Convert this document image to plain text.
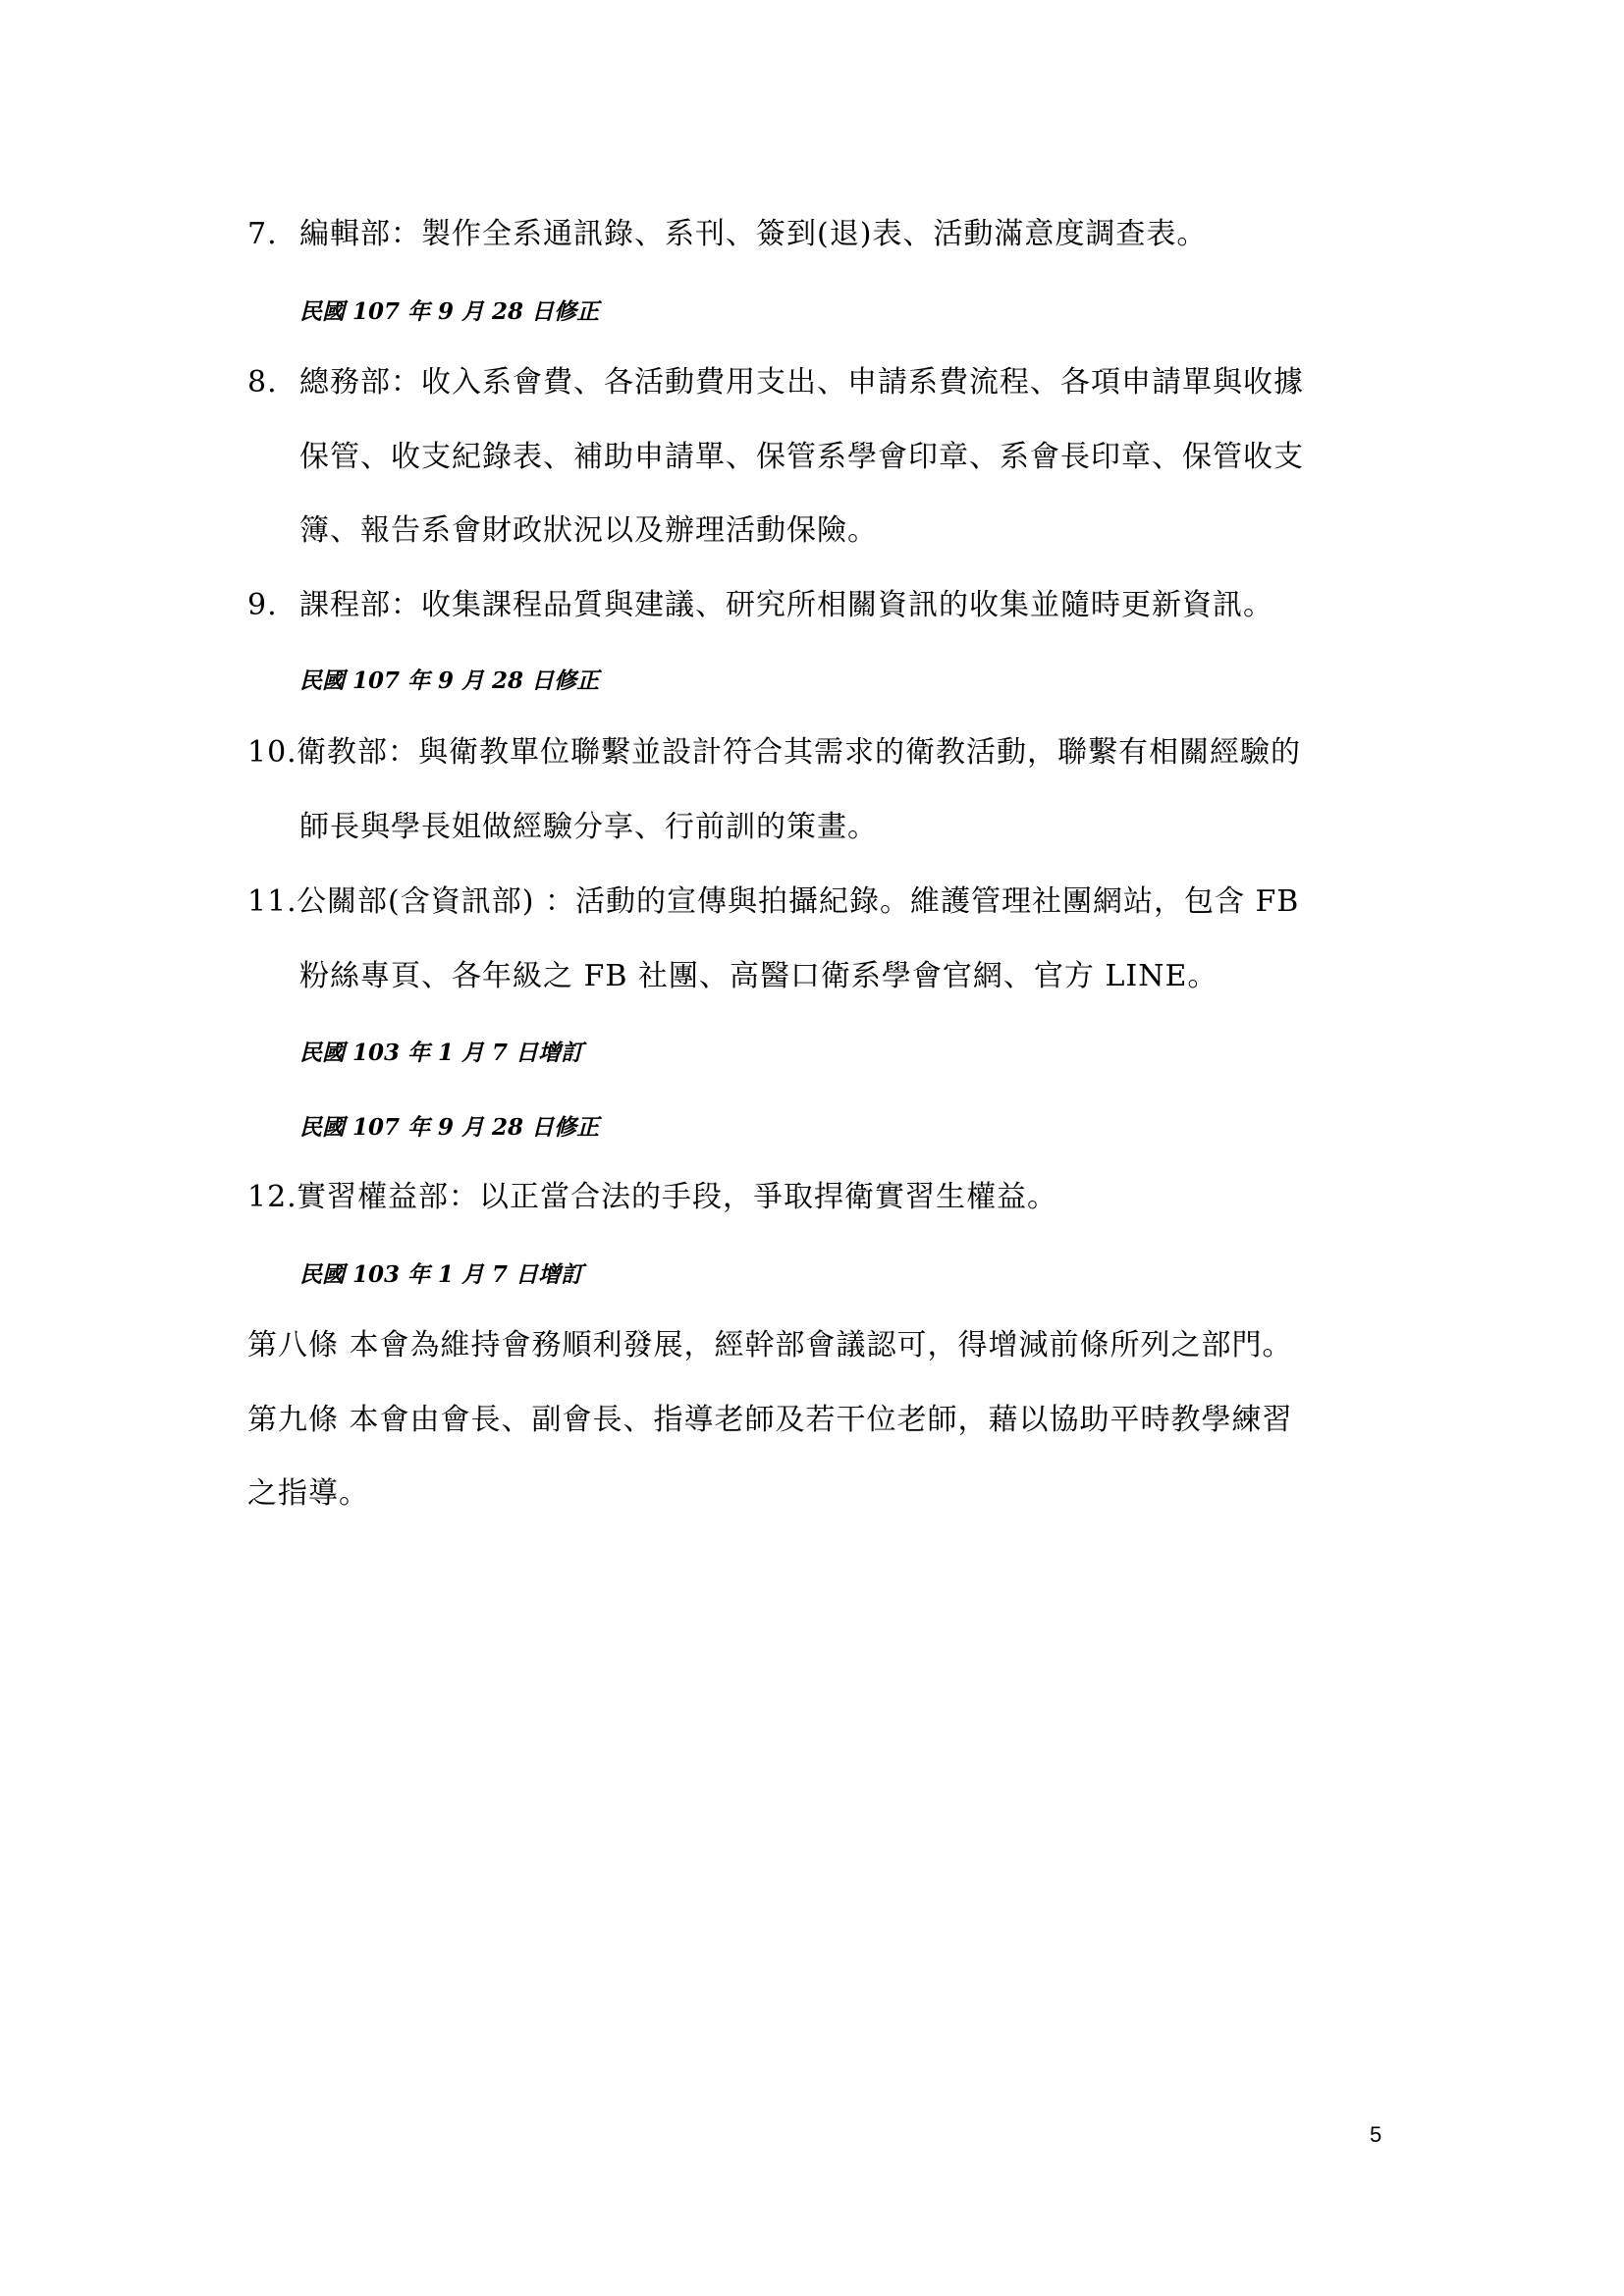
7. 編輯部：製作全系通訊錄、系刊、簽到(退)表、活動滿意度調查表。
民國 107 年 9 月 28 日修正
8. 總務部：收入系會費、各活動費用支出、申請系費流程、各項申請單與收據
保管、收支紀錄表、補助申請單、保管系學會印章、系會長印章、保管收支
簿、報告系會財政狀況以及辦理活動保險。
9. 課程部：收集課程品質與建議、研究所相關資訊的收集並隨時更新資訊。
民國 107 年 9 月 28 日修正
10.衛教部：與衛教單位聯繫並設計符合其需求的衛教活動，聯繫有相關經驗的
師長與學長姐做經驗分享、行前訓的策畫。
11.公關部(含資訊部) ：活動的宣傳與拍攝紀錄。維護管理社團網站，包含 FB
粉絲專頁、各年級之 FB 社團、高醫口衛系學會官網、官方 LINE。
民國 103 年 1 月 7 日增訂
民國 107 年 9 月 28 日修正
12.實習權益部：以正當合法的手段，爭取捍衛實習生權益。
民國 103 年 1 月 7 日增訂
第八條 本會為維持會務順利發展，經幹部會議認可，得增減前條所列之部門。
第九條 本會由會長、副會長、指導老師及若干位老師，藉以協助平時教學練習
之指導。
5
